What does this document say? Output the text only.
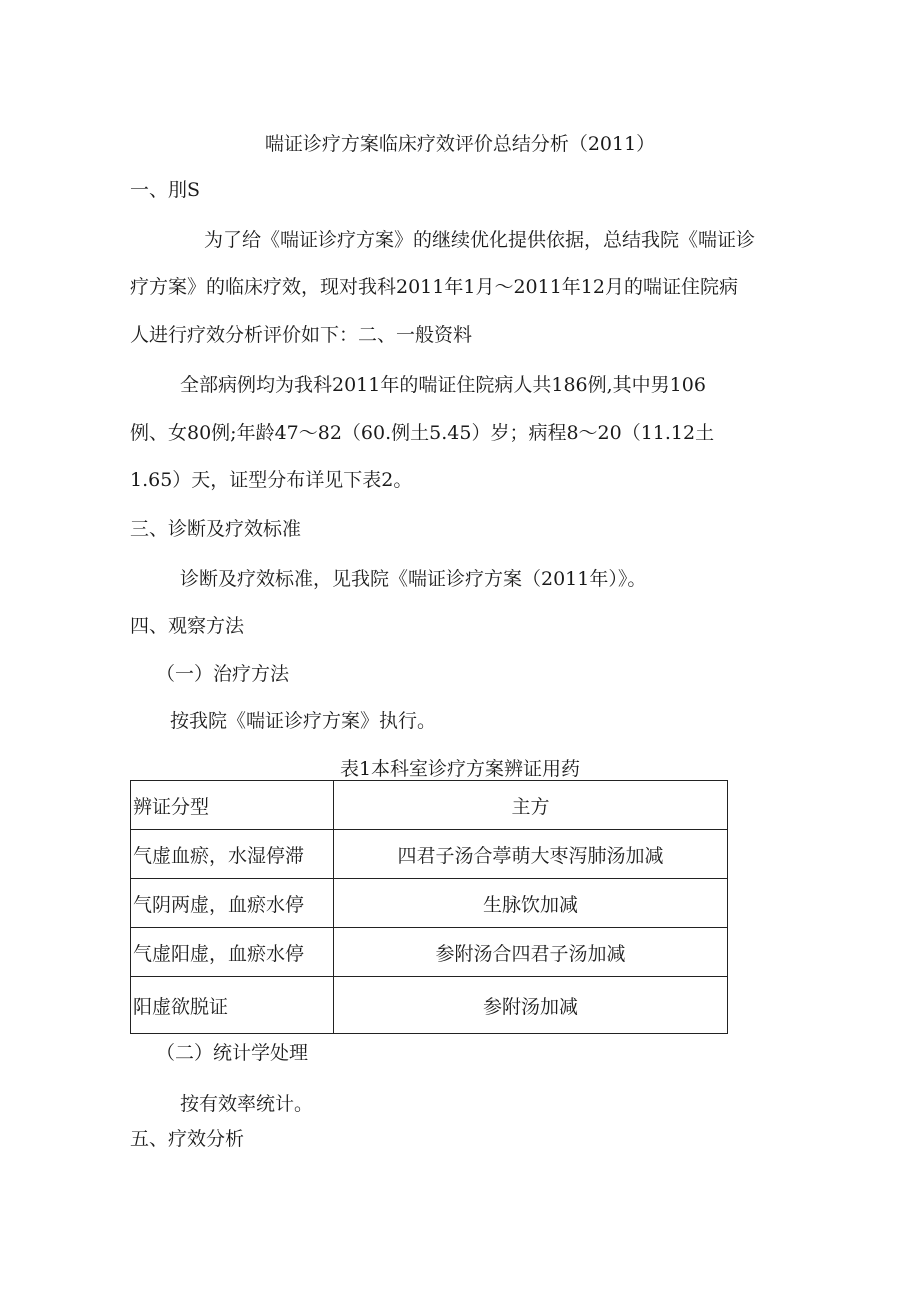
喘证诊疗方案临床疗效评价总结分析（2011）
一、刖S
为了给《喘证诊疗方案》的继续优化提供依据，总结我院《喘证诊
疗方案》的临床疗效，现对我科2011年1月～2011年12月的喘证住院病
人进行疗效分析评价如下：二、一般资料
全部病例均为我科2011年的喘证住院病人共186例,其中男106
例、女80例;年龄47～82（60.例土5.45）岁；病程8～20（11.12土
1.65）天，证型分布详见下表2。
三、诊断及疗效标准
诊断及疗效标准，见我院《喘证诊疗方案（2011年）》。
四、观察方法
（一）治疗方法
按我院《喘证诊疗方案》执行。
表1本科室诊疗方案辨证用药
辨证分型	主方
气虚血瘀，水湿停滞	四君子汤合葶萌大枣泻肺汤加减
气阴两虚，血瘀水停	生脉饮加减
气虚阳虚，血瘀水停	参附汤合四君子汤加减
阳虚欲脱证	参附汤加减
（二）统计学处理
按有效率统计。
五、疗效分析
